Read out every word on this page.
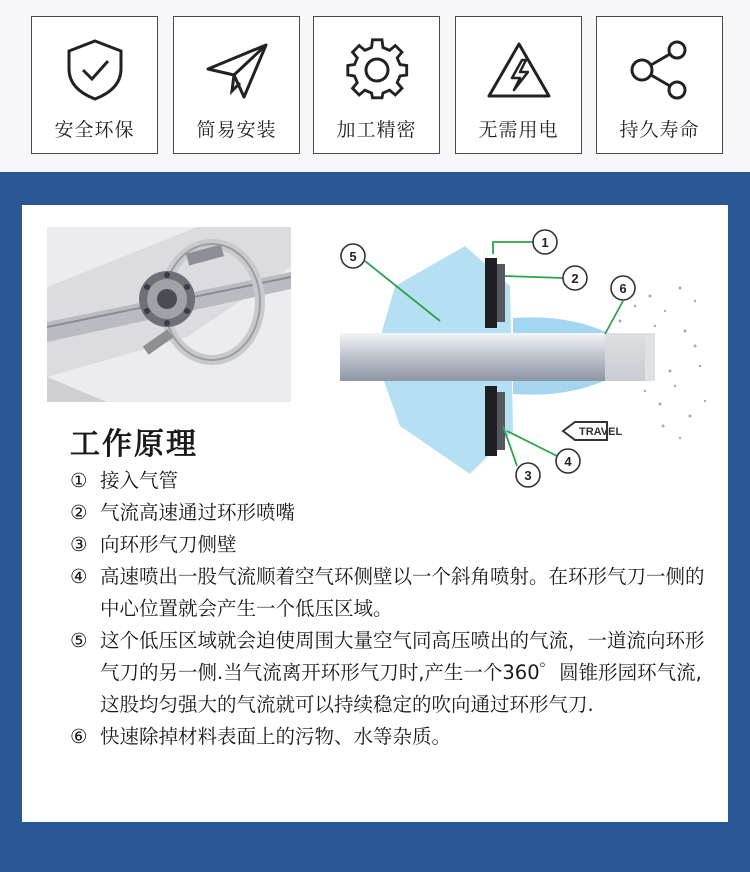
安全环保	简易安装	加工精密	无需用电	持久寿命
TRAVEL
1
2
3
4
5
6
工作原理
① 接入气管
② 气流高速通过环形喷嘴
③ 向环形气刀侧壁
④ 高速喷出一股气流顺着空气环侧壁以一个斜角喷射。在环形气刀一侧的中心位置就会产生一个低压区域。
⑤ 这个低压区域就会迫使周围大量空气同高压喷出的气流，一道流向环形气刀的另一侧.当气流离开环形气刀时,产生一个360゜圆锥形园环气流,这股均匀强大的气流就可以持续稳定的吹向通过环形气刀.
⑥ 快速除掉材料表面上的污物、水等杂质。
